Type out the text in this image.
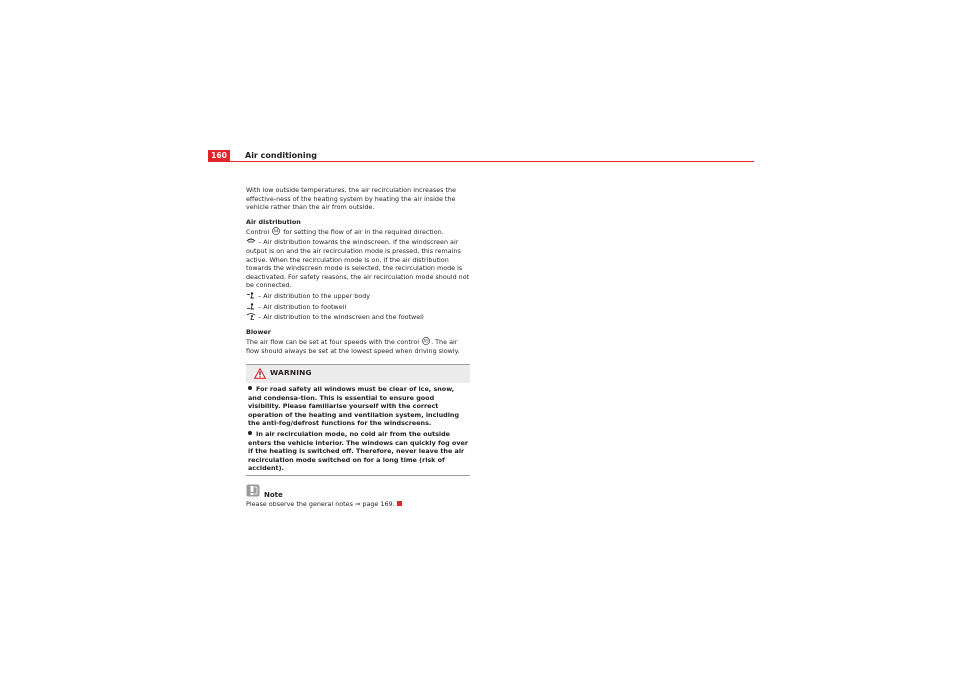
160	Air conditioning

With low outside temperatures, the air recirculation increases the effective-ness of the heating system by heating the air inside the vehicle rather than the air from outside.

Air distribution
Control A4 for setting the flow of air in the required direction.

– Air distribution towards the windscreen. If the windscreen air output is on and the air recirculation mode is pressed, this remains active. When the recirculation mode is on, if the air distribution towards the windscreen mode is selected, the recirculation mode is deactivated. For safety reasons, the air recirculation mode should not be connected.

– Air distribution to the upper body

– Air distribution to footwell

– Air distribution to the windscreen and the footwell

Blower
The air flow can be set at four speeds with the control A5 . The air flow should always be set at the lowest speed when driving slowly.

WARNING
For road safety all windows must be clear of ice, snow, and condensa-tion. This is essential to ensure good visibility. Please familiarise yourself with the correct operation of the heating and ventilation system, including the anti-fog/defrost functions for the windscreens.
In air recirculation mode, no cold air from the outside enters the vehicle interior. The windows can quickly fog over if the heating is switched off. Therefore, never leave the air recirculation mode switched on for a long time (risk of accident).
Note

Please observe the general notes ⇒ page 169.
